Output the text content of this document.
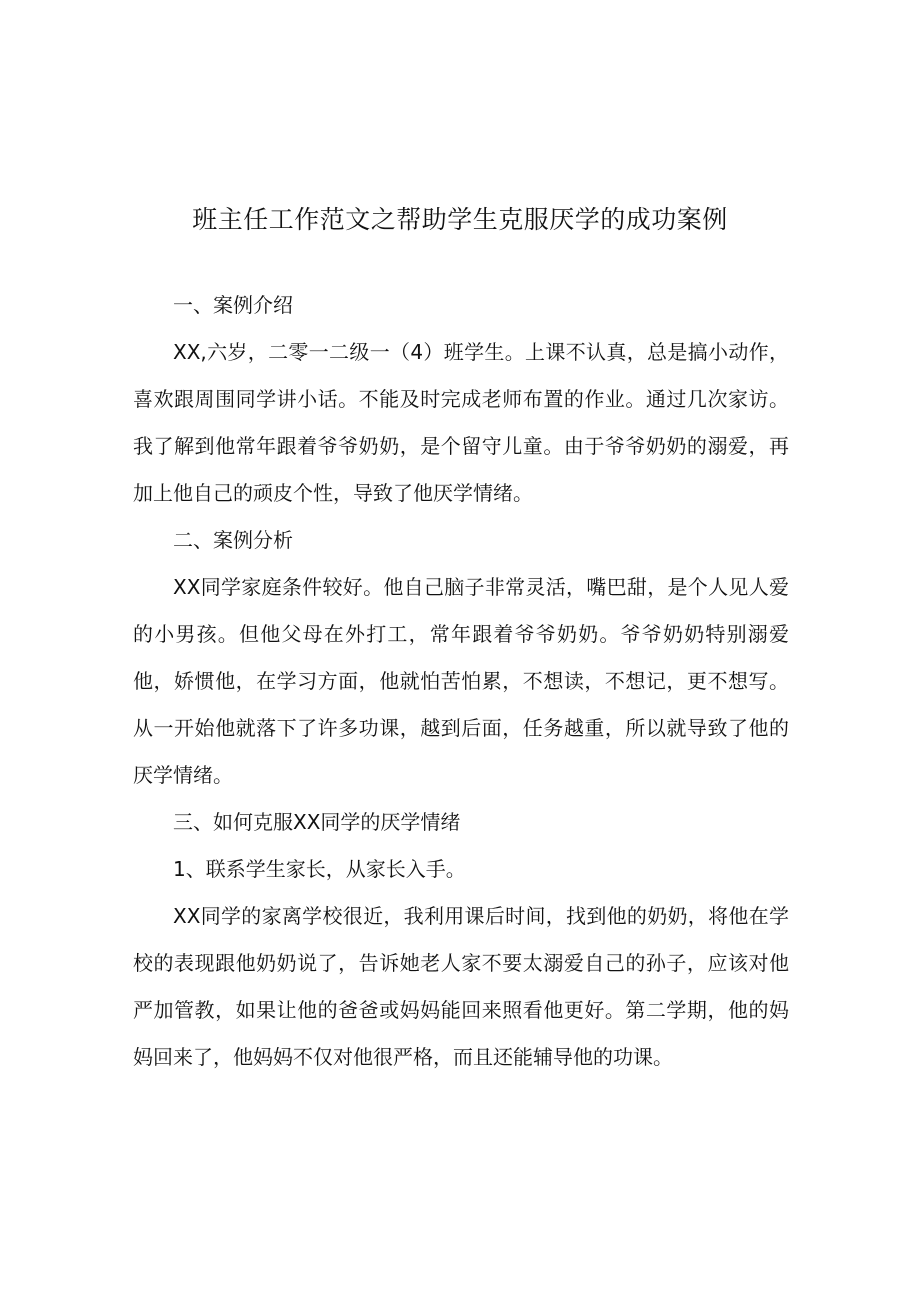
班主任工作范文之帮助学生克服厌学的成功案例

一、案例介绍

XX,六岁，二零一二级一（4）班学生。上课不认真，总是搞小动作，喜欢跟周围同学讲小话。不能及时完成老师布置的作业。通过几次家访。我了解到他常年跟着爷爷奶奶，是个留守儿童。由于爷爷奶奶的溺爱，再加上他自己的顽皮个性，导致了他厌学情绪。

二、案例分析

XX同学家庭条件较好。他自己脑子非常灵活，嘴巴甜，是个人见人爱的小男孩。但他父母在外打工，常年跟着爷爷奶奶。爷爷奶奶特别溺爱他，娇惯他，在学习方面，他就怕苦怕累，不想读，不想记，更不想写。从一开始他就落下了许多功课，越到后面，任务越重，所以就导致了他的厌学情绪。

三、如何克服XX同学的厌学情绪

1、联系学生家长，从家长入手。

XX同学的家离学校很近，我利用课后时间，找到他的奶奶，将他在学校的表现跟他奶奶说了，告诉她老人家不要太溺爱自己的孙子，应该对他严加管教，如果让他的爸爸或妈妈能回来照看他更好。第二学期，他的妈妈回来了，他妈妈不仅对他很严格，而且还能辅导他的功课。
